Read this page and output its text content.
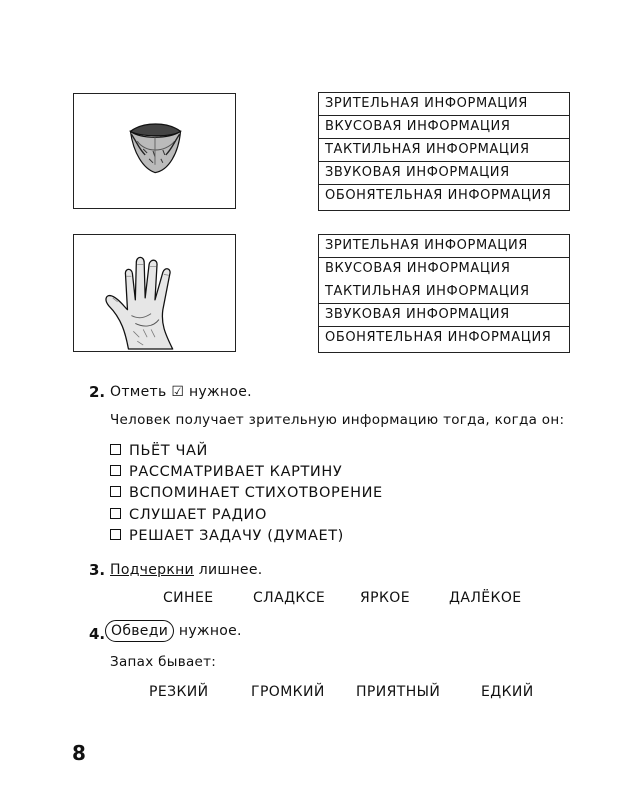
ЗРИТЕЛЬНАЯ ИНФОРМАЦИЯ
ВКУСОВАЯ ИНФОРМАЦИЯ
ТАКТИЛЬНАЯ ИНФОРМАЦИЯ
ЗВУКОВАЯ ИНФОРМАЦИЯ
ОБОНЯТЕЛЬНАЯ ИНФОРМАЦИЯ
ЗРИТЕЛЬНАЯ ИНФОРМАЦИЯ
ВКУСОВАЯ ИНФОРМАЦИЯ
ТАКТИЛЬНАЯ ИНФОРМАЦИЯ
ЗВУКОВАЯ ИНФОРМАЦИЯ
ОБОНЯТЕЛЬНАЯ ИНФОРМАЦИЯ
2. Отметь ☑ нужное.
Человек получает зрительную информацию тогда, когда он:
ПЬЁТ ЧАЙ
РАССМАТРИВАЕТ КАРТИНУ
ВСПОМИНАЕТ СТИХОТВОРЕНИЕ
СЛУШАЕТ РАДИО
РЕШАЕТ ЗАДАЧУ (ДУМАЕТ)
3. Подчеркни лишнее.
СИНЕЕ	СЛАДКСЕ ЯРКОЕ	ДАЛЁКОЕ
4. Обведи нужное.
Запах бывает:
РЕЗКИЙ	ГРОМКИЙ ПРИЯТНЫЙ	ЕДКИЙ
8
